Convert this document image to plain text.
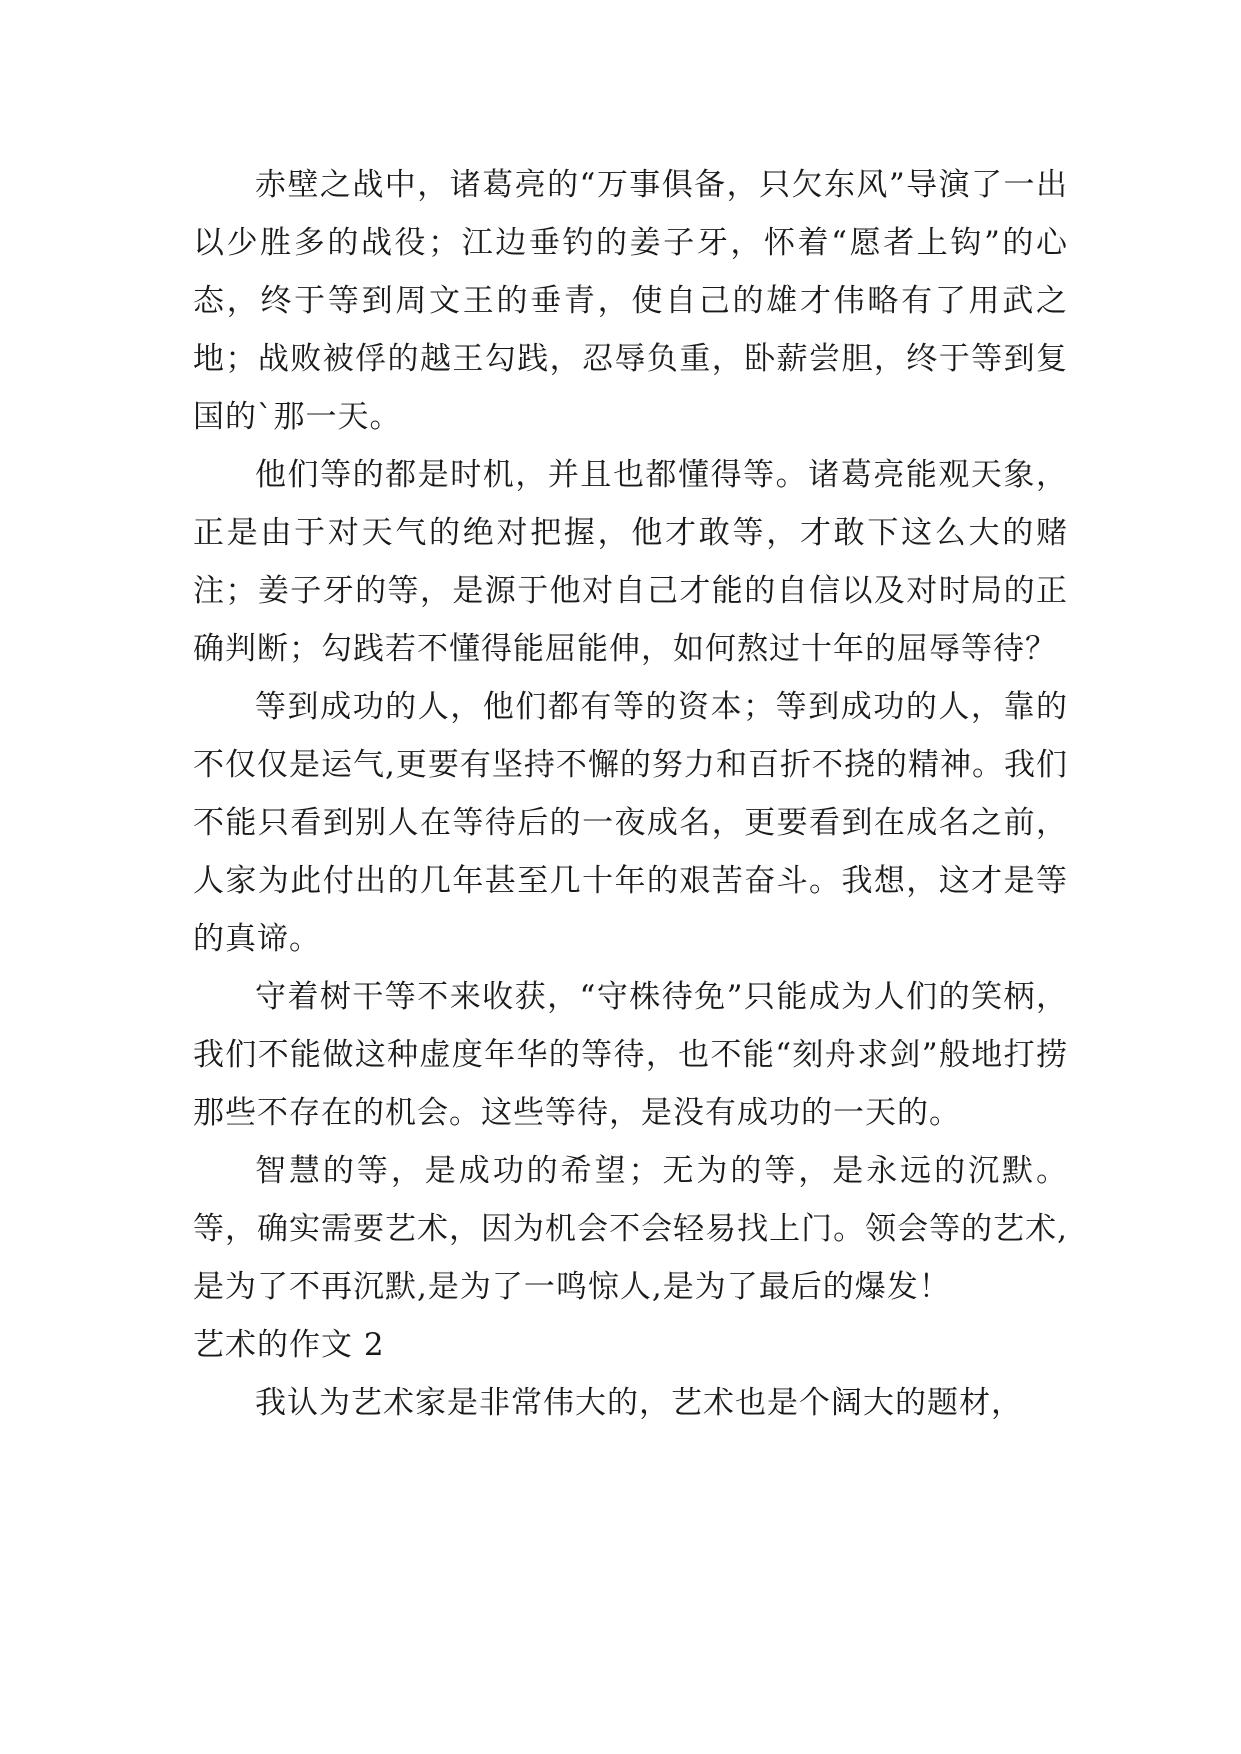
赤壁之战中，诸葛亮的“万事俱备，只欠东风”导演了一出以少胜多的战役；江边垂钓的姜子牙，怀着“愿者上钩”的心态，终于等到周文王的垂青，使自己的雄才伟略有了用武之地；战败被俘的越王勾践，忍辱负重，卧薪尝胆，终于等到复国的`那一天。

他们等的都是时机，并且也都懂得等。诸葛亮能观天象，正是由于对天气的绝对把握，他才敢等，才敢下这么大的赌注；姜子牙的等，是源于他对自己才能的自信以及对时局的正确判断；勾践若不懂得能屈能伸，如何熬过十年的屈辱等待？

等到成功的人，他们都有等的资本；等到成功的人，靠的不仅仅是运气,更要有坚持不懈的努力和百折不挠的精神。我们不能只看到别人在等待后的一夜成名，更要看到在成名之前，人家为此付出的几年甚至几十年的艰苦奋斗。我想，这才是等的真谛。

守着树干等不来收获，“守株待免”只能成为人们的笑柄，我们不能做这种虚度年华的等待，也不能“刻舟求剑”般地打捞那些不存在的机会。这些等待，是没有成功的一天的。

智慧的等，是成功的希望；无为的等，是永远的沉默。等，确实需要艺术，因为机会不会轻易找上门。领会等的艺术,是为了不再沉默,是为了一鸣惊人,是为了最后的爆发！

艺术的作文 2

我认为艺术家是非常伟大的，艺术也是个阔大的题材，
